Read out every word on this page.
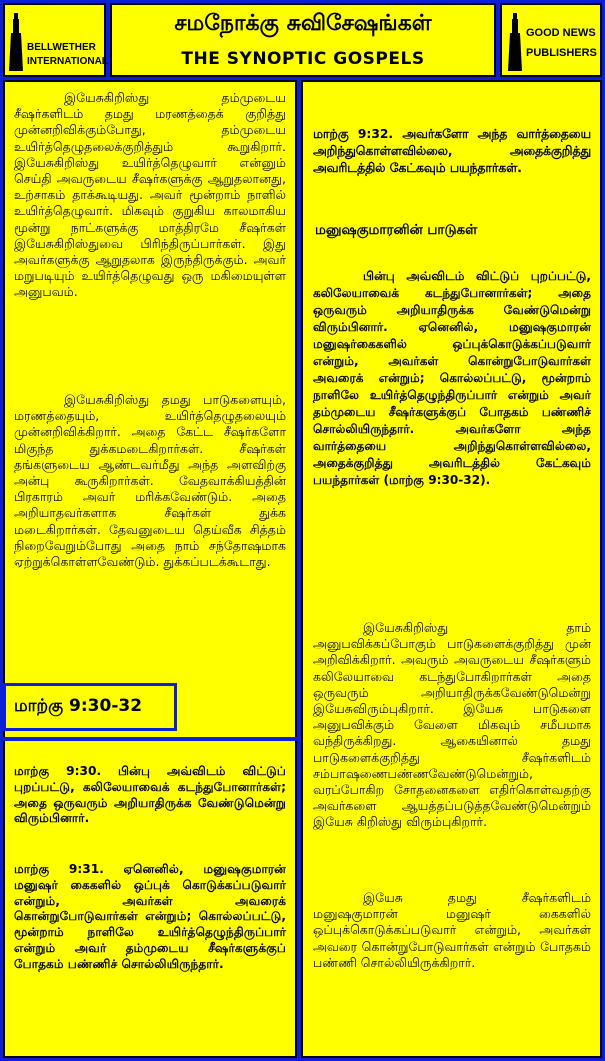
BELLWETHER
INTERNATIONAL
சமநோக்கு சுவிசேஷங்கள்
THE SYNOPTIC GOSPELS
GOOD NEWS
PUBLISHERS

இயேசுகிறிஸ்து தம்முடைய சீஷர்களிடம் தமது மரணத்தைக் குறித்து முன்னறிவிக்கும்போது, தம்முடைய உயிர்த்தெழுதலைக்குறித்தும் கூறுகிறார். இயேசுகிறிஸ்து உயிர்த்தெழுவார் என்னும் செய்தி அவருடைய சீஷர்களுக்கு ஆறுதலானது, உற்சாகம் தாக்கூடியது. அவர் மூன்றாம் நாளில் உயிர்த்தெழுவார். மிகவும் குறுகிய காலமாகிய மூன்று நாட்களுக்கு மாத்திரமே சீஷர்கள் இயேசுகிறிஸ்துவை பிரிந்திருப்பார்கள். இது அவர்களுக்கு ஆறுதலாக இருந்திருக்கும். அவர் மறுபடியும் உயிர்த்தெழுவது ஒரு மகிமையுள்ள அனுபவம்.

இயேசுகிறிஸ்து தமது பாடுகளையும், மரணத்தையும், உயிர்த்தெழுதலையும் முன்னறிவிக்கிறார். அதை கேட்ட சீஷர்களோ மிகுந்த துக்கமடைகிறார்கள். சீஷர்கள் தங்களுடைய ஆண்டவர்மீது அந்த அளவிற்கு அன்பு கூருகிறார்கள். வேதவாக்கியத்தின் பிரகாரம் அவர் மரிக்கவேண்டும். அதை அறியாதவர்களாக சீஷர்கள் துக்க மடைகிறார்கள். தேவனுடைய தெய்வீக சித்தம் நிறைவேறும்போது அதை நாம் சந்தோஷமாக ஏற்றுக்கொள்ளவேண்டும். துக்கப்படக்கூடாது.

மாற்கு 9:30-32

மாற்கு 9:30. பின்பு அவ்விடம் விட்டுப் புறப்பட்டு, கலிலேயாவைக் கடந்துபோனார்கள்; அதை ஒருவரும் அறியாதிருக்க வேண்டுமென்று விரும்பினார்.

மாற்கு 9:31. ஏனெனில், மனுஷகுமாரன் மனுஷர் கைகளில் ஒப்புக் கொடுக்கப்படுவார் என்றும், அவர்கள் அவரைக் கொன்றுபோடுவார்கள் என்றும்; கொல்லப்பட்டு, மூன்றாம் நாளிலே உயிர்த்தெழுந்திருப்பார் என்றும் அவர் தம்முடைய சீஷர்களுக்குப் போதகம் பண்ணிச் சொல்லியிருந்தார்.

மாற்கு 9:32. அவர்களோ அந்த வார்த்தையை அறிந்துகொள்ளவில்லை, அதைக்குறித்து அவரிடத்தில் கேட்கவும் பயந்தார்கள்.

மனுஷகுமாரனின் பாடுகள்

பின்பு அவ்விடம் விட்டுப் புறப்பட்டு, கலிலேயாவைக் கடந்துபோனார்கள்; அதை ஒருவரும் அறியாதிருக்க வேண்டுமென்று விரும்பினார். ஏனெனில், மனுஷகுமாரன் மனுஷர்கைகளில் ஒப்புக்கொடுக்கப்படுவார் என்றும், அவர்கள் கொன்றுபோடுவார்கள் அவரைக் என்றும்; கொல்லப்பட்டு, மூன்றாம் நாளிலே உயிர்த்தெழுந்திருப்பார் என்றும் அவர் தம்முடைய சீஷர்களுக்குப் போதகம் பண்ணிச் சொல்லியிருந்தார். அவர்களோ அந்த வார்த்தையை அறிந்துகொள்ளவில்லை, அதைக்குறித்து அவரிடத்தில் கேட்கவும் பயந்தார்கள் (மாற்கு 9:30-32).

இயேசுகிறிஸ்து தாம் அனுபவிக்கப்போகும் பாடுகளைக்குறித்து முன் அறிவிக்கிறார். அவரும் அவருடைய சீஷர்களும் கலிலேயாவை கடந்துபோகிறார்கள் அதை ஒருவரும் அறியாதிருக்கவேண்டுமென்று இயேசுவிரும்புகிறார். இயேசு பாடுகளை அனுபவிக்கும் வேளை மிகவும் சமீபமாக வந்திருக்கிறது. ஆகையினால் தமது பாடுகளைக்குறித்து சீஷர்களிடம் சம்பாஷணைபண்ணவேண்டுமென்றும், வரப்போகிற சோதனைகளை எதிர்கொள்வதற்கு அவர்களை ஆயத்தப்படுத்தவேண்டுமென்றும் இயேசு கிறிஸ்து விரும்புகிறார்.

இயேசு தமது சீஷர்களிடம் மனுஷகுமாரன் மனுஷர் கைகளில் ஒப்புக்கொடுக்கப்படுவார் என்றும், அவர்கள் அவரை கொன்றுபோடுவார்கள் என்றும் போதகம் பண்ணி சொல்லியிருக்கிறார்.
